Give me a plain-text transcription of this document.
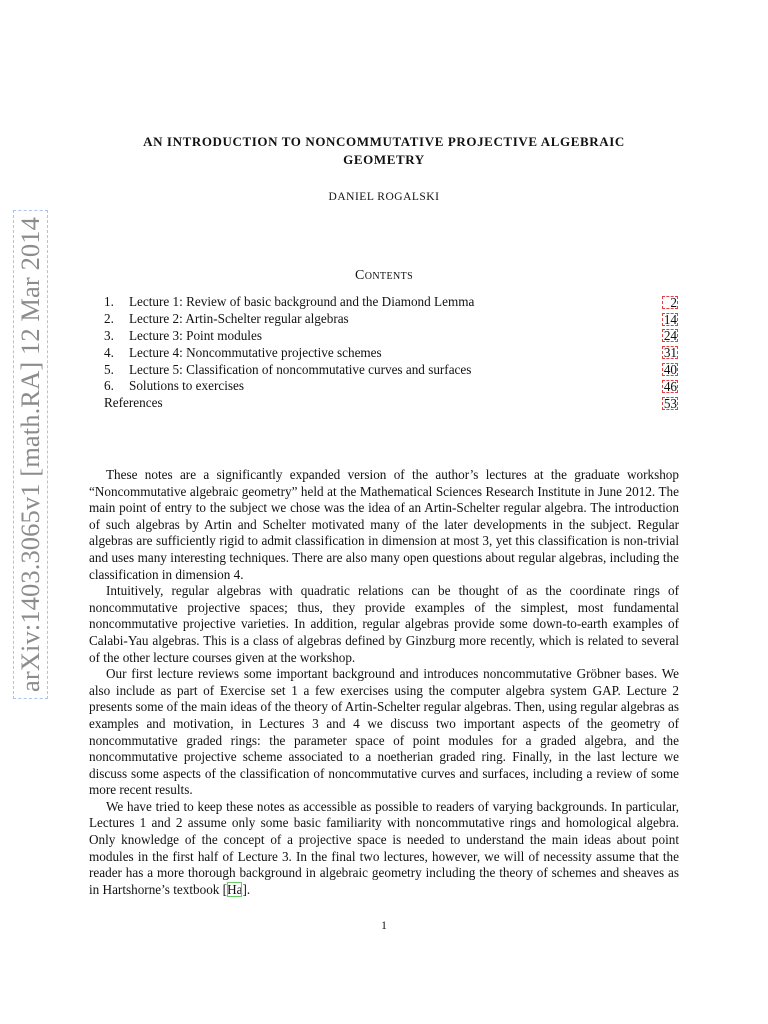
arXiv:1403.3065v1 [math.RA] 12 Mar 2014
AN INTRODUCTION TO NONCOMMUTATIVE PROJECTIVE ALGEBRAIC
GEOMETRY
DANIEL ROGALSKI
Contents
1.	Lecture 1: Review of basic background and the Diamond Lemma	2
2.	Lecture 2: Artin-Schelter regular algebras	14
3.	Lecture 3: Point modules	24
4.	Lecture 4: Noncommutative projective schemes	31
5.	Lecture 5: Classification of noncommutative curves and surfaces	40
6.	Solutions to exercises	46
References	53

These notes are a significantly expanded version of the author’s lectures at the graduate workshop “Noncommutative algebraic geometry” held at the Mathematical Sciences Research Institute in June 2012. The main point of entry to the subject we chose was the idea of an Artin-Schelter regular algebra. The introduction of such algebras by Artin and Schelter motivated many of the later developments in the subject. Regular algebras are sufficiently rigid to admit classification in dimension at most 3, yet this classification is non-trivial and uses many interesting techniques. There are also many open questions about regular algebras, including the classification in dimension 4.

Intuitively, regular algebras with quadratic relations can be thought of as the coordinate rings of noncommutative projective spaces; thus, they provide examples of the simplest, most fundamental noncommutative projective varieties. In addition, regular algebras provide some down-to-earth examples of Calabi-Yau algebras. This is a class of algebras defined by Ginzburg more recently, which is related to several of the other lecture courses given at the workshop.

Our first lecture reviews some important background and introduces noncommutative Gröbner bases. We also include as part of Exercise set 1 a few exercises using the computer algebra system GAP. Lecture 2 presents some of the main ideas of the theory of Artin-Schelter regular algebras. Then, using regular algebras as examples and motivation, in Lectures 3 and 4 we discuss two important aspects of the geometry of noncommutative graded rings: the parameter space of point modules for a graded algebra, and the noncommutative projective scheme associated to a noetherian graded ring. Finally, in the last lecture we discuss some aspects of the classification of noncommutative curves and surfaces, including a review of some more recent results.

We have tried to keep these notes as accessible as possible to readers of varying backgrounds. In particular, Lectures 1 and 2 assume only some basic familiarity with noncommutative rings and homological algebra. Only knowledge of the concept of a projective space is needed to understand the main ideas about point modules in the first half of Lecture 3. In the final two lectures, however, we will of necessity assume that the reader has a more thorough background in algebraic geometry including the theory of schemes and sheaves as in Hartshorne’s textbook [Ha].

1
